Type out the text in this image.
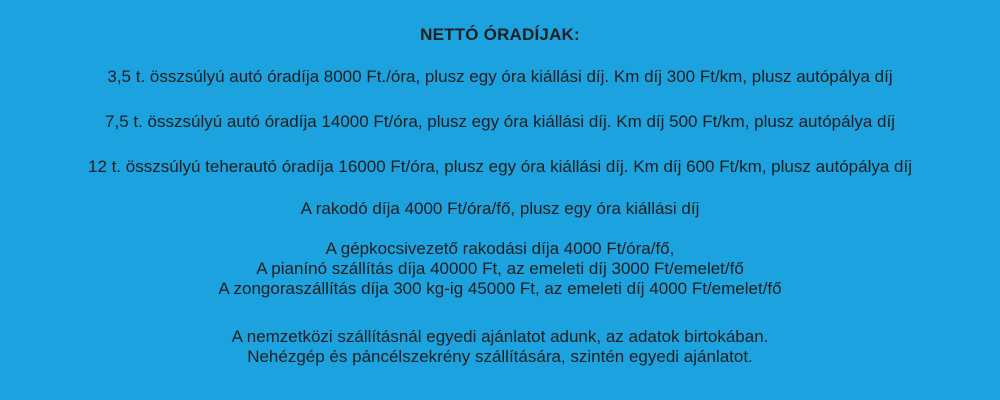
NETTÓ ÓRADÍJAK:
3,5 t. összsúlyú autó óradíja 8000 Ft./óra, plusz egy óra kiállási díj. Km díj 300 Ft/km, plusz autópálya díj
7,5 t. összsúlyú autó óradíja 14000 Ft/óra, plusz egy óra kiállási díj. Km díj 500 Ft/km, plusz autópálya díj
12 t. összsúlyú teherautó óradíja 16000 Ft/óra, plusz egy óra kiállási díj. Km díj 600 Ft/km, plusz autópálya díj
A rakodó díja 4000 Ft/óra/fő, plusz egy óra kiállási díj
A gépkocsivezető rakodási díja 4000 Ft/óra/fő,
A pianínó szállítás díja 40000 Ft, az emeleti díj 3000 Ft/emelet/fő
A zongoraszállítás díja 300 kg-ig 45000 Ft, az emeleti díj 4000 Ft/emelet/fő
A nemzetközi szállításnál egyedi ajánlatot adunk, az adatok birtokában.
Nehézgép és páncélszekrény szállítására, szintén egyedi ajánlatot.
